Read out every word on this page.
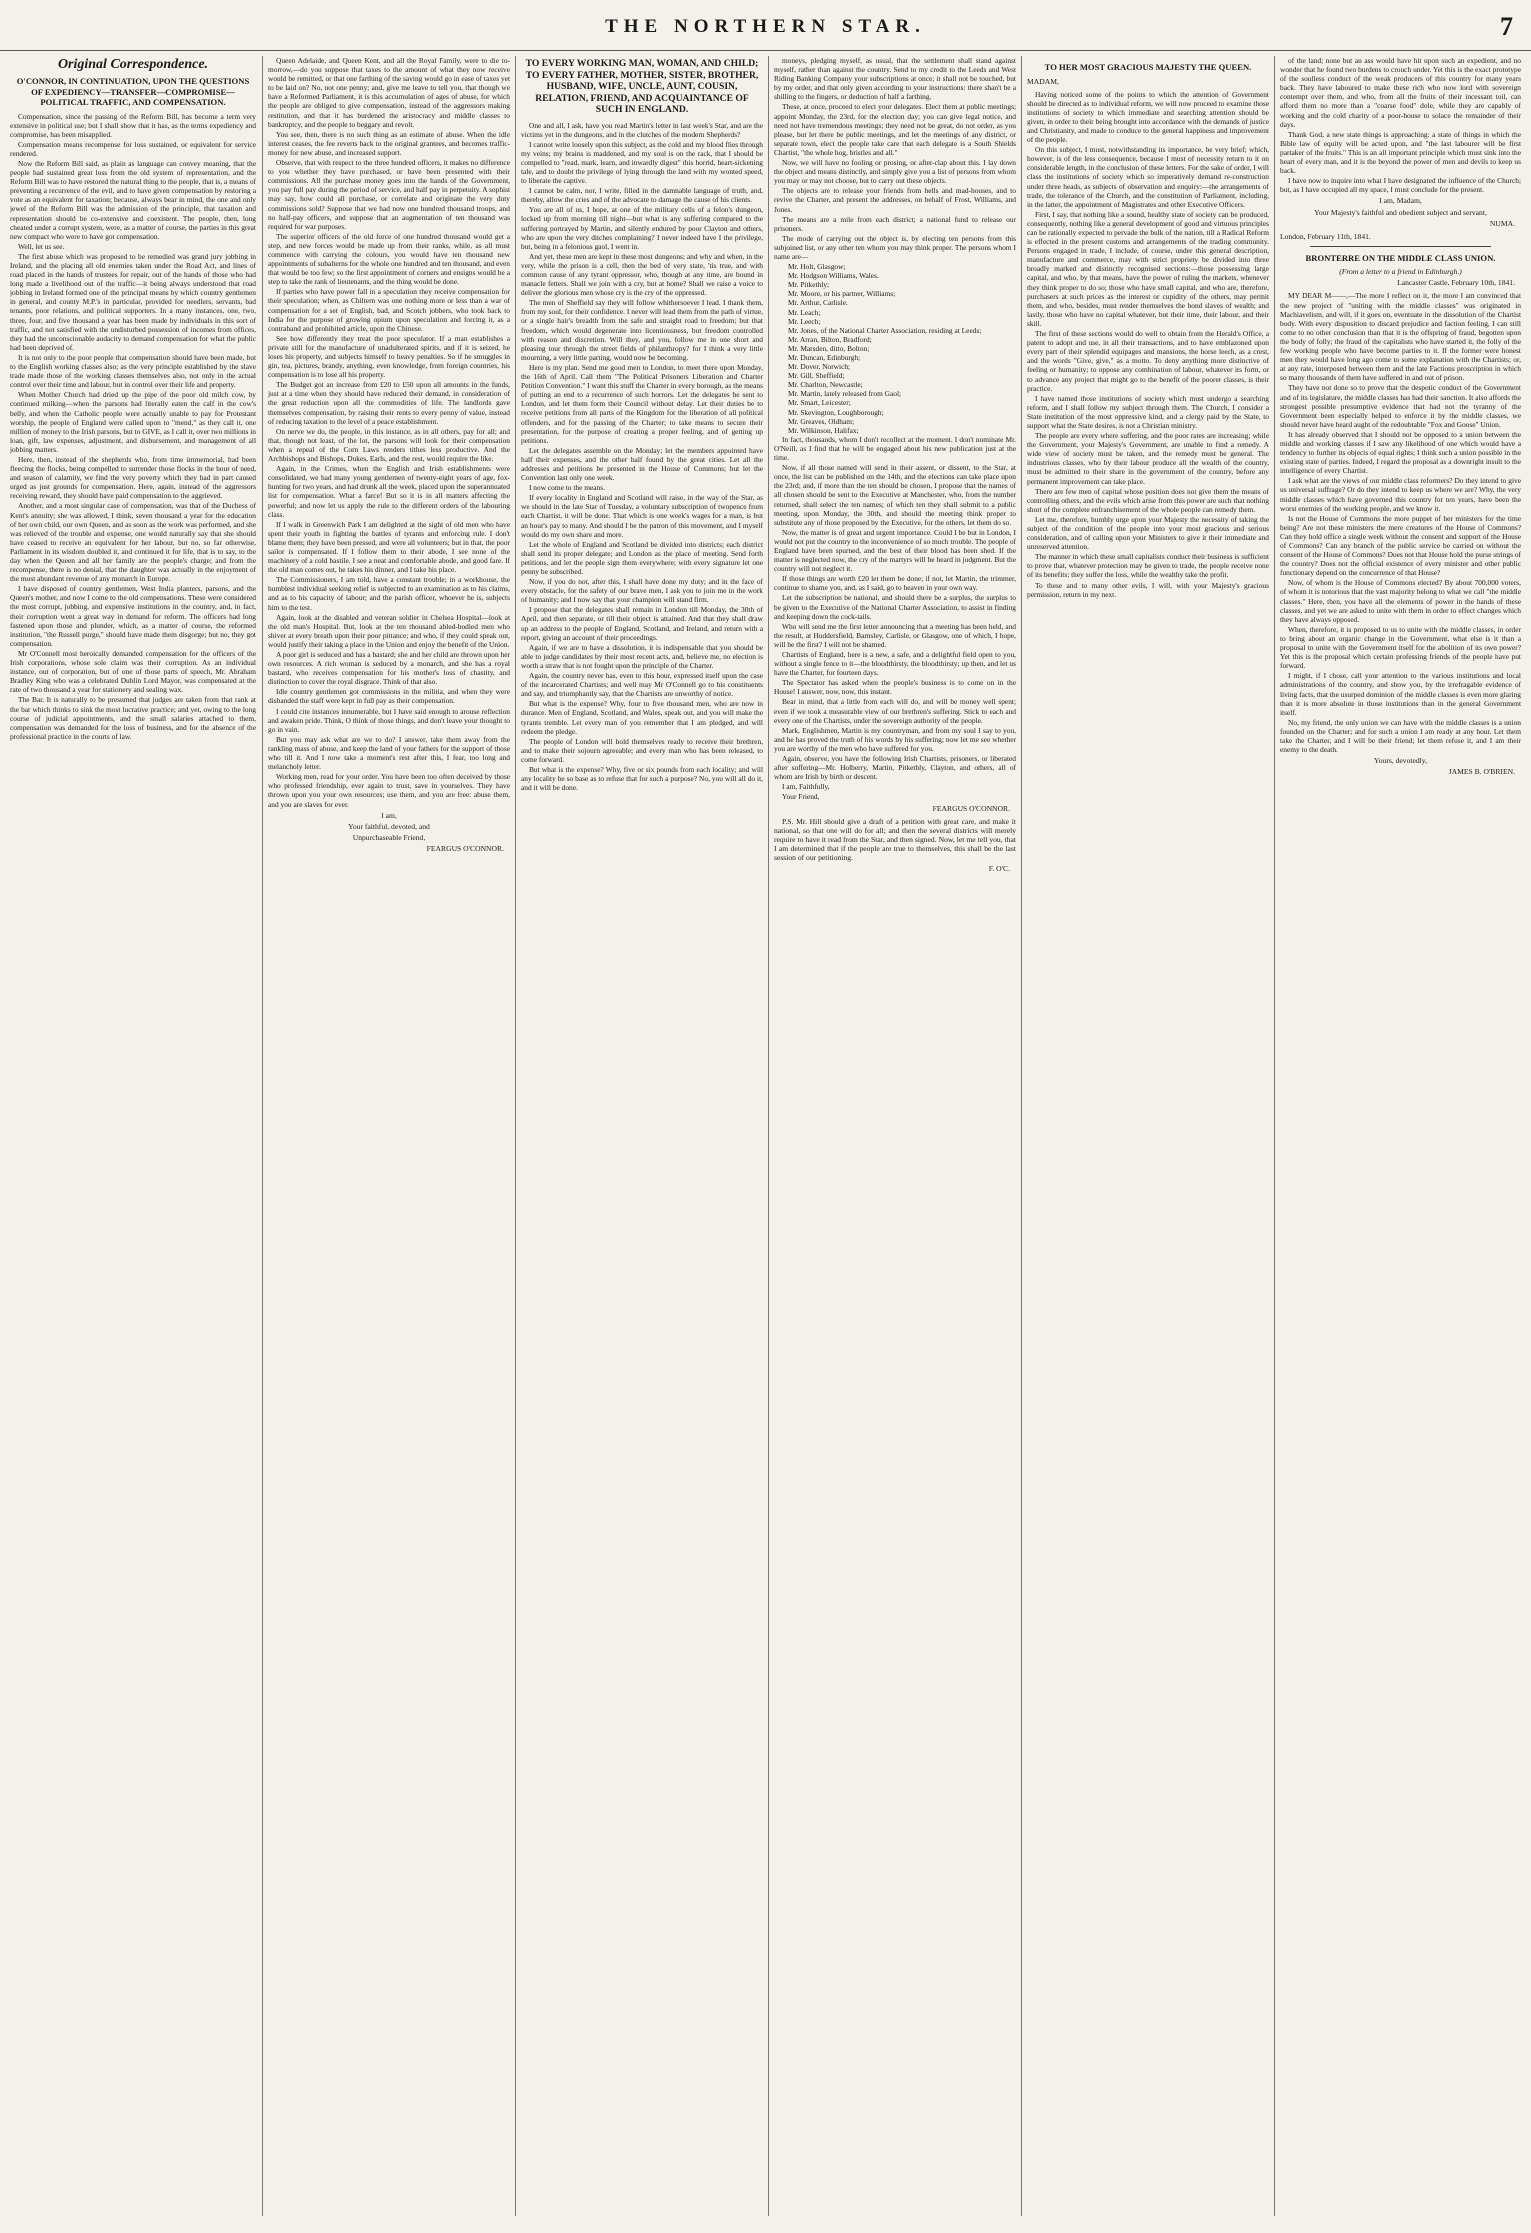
THE NORTHERN STAR.	7
Original Correspondence.
O'CONNOR, IN CONTINUATION, UPON THE QUESTIONS OF EXPEDIENCY—TRANSFER—COMPROMISE—POLITICAL TRAFFIC, AND COMPENSATION.

Compensation, since the passing of the Reform Bill, has become a term very extensive in political use; but I shall show that it has, as the terms expediency and compromise, has been misapplied.

Compensation means recompense for loss sustained, or equivalent for service rendered.

Now the Reform Bill said, as plain as language can convey meaning, that the people had sustained great loss from the old system of representation, and the Reform Bill was to have restored the natural thing to the people, that is, a means of preventing a recurrence of the evil, and to have given compensation by restoring a vote as an equivalent for taxation; because, always bear in mind, the one and only jewel of the Reform Bill was the admission of the principle, that taxation and representation should be co-extensive and coexistent. The people, then, long cheated under a corrupt system, were, as a matter of course, the parties in this great new compact who were to have got compensation.

Well, let us see.

The first abuse which was proposed to be remedied was grand jury jobbing in Ireland, and the placing all old enemies taken under the Road Act, and lines of road placed in the hands of trustees for repair, out of the hands of those who had long made a livelihood out of the traffic—it being always understood that road jobbing in Ireland formed one of the principal means by which country gentlemen in general, and county M.P.'s in particular, provided for needlers, servants, bad tenants, poor relations, and political supporters. In a many instances, one, two, three, four, and five thousand a year has been made by individuals in this sort of traffic, and not satisfied with the undisturbed possession of incomes from offices, they had the unconscionable audacity to demand compensation for what the public had been deprived of.

It is not only to the poor people that compensation should have been made, but to the English working classes also; as the very principle established by the slave trade made those of the working classes themselves also, not only in the actual control over their time and labour, but in control over their life and property.

When Mother Church had dried up the pipe of the poor old milch cow, by continued milking—when the parsons had literally eaten the calf in the cow's belly, and when the Catholic people were actually unable to pay for Protestant worship, the people of England were called upon to "mend," as they call it, one million of money to the Irish parsons, but to GIVE, as I call it, over two millions in loan, gift, law expenses, adjustment, and disbursement, and management of all jobbing matters.

Here, then, instead of the shepherds who, from time immemorial, had been fleecing the flocks, being compelled to surrender those flocks in the hour of need, and season of calamity, we find the very poverty which they had in part caused urged as just grounds for compensation. Here, again, instead of the aggressors receiving reward, they should have paid compensation to the aggrieved.

Another, and a most singular case of compensation, was that of the Duchess of Kent's annuity; she was allowed, I think, seven thousand a year for the education of her own child, our own Queen, and as soon as the work was performed, and she was relieved of the trouble and expense, one would naturally say that she should have ceased to receive an equivalent for her labour, but no, so far otherwise, Parliament in its wisdom doubled it, and continued it for life, that is to say, to the day when the Queen and all her family are the people's charge; and from the recompense, there is no denial, that the daughter was actually in the enjoyment of the most abundant revenue of any monarch in Europe.

I have disposed of country gentlemen, West India planters, parsons, and the Queen's mother, and now I come to the old compensations. These were considered the most corrupt, jobbing, and expensive institutions in the country, and, in fact, their corruption went a great way in demand for reform. The officers had long fastened upon those and plunder, which, as a matter of course, the reformed institution, "the Russell purge," should have made them disgorge; but no, they got compensation.

Mr O'Connell most heroically demanded compensation for the officers of the Irish corporations, whose sole claim was their corruption. As an individual instance, out of corporation, but of one of those parts of speech, Mr. Abraham Bradley King who was a celebrated Dublin Lord Mayor, was compensated at the rate of two thousand a year for stationery and sealing wax.

The Bar. It is naturally to be presumed that judges are taken from that rank at the bar which thinks to sink the most lucrative practice; and yet, owing to the long course of judicial appointments, and the small salaries attached to them, compensation was demanded for the loss of business, and for the absence of the professional practice in the courts of law.

Queen Adelaide, and Queen Kent, and all the Royal Family, were to die to-morrow,—do you suppose that taxes to the amount of what they now receive would be remitted, or that one farthing of the saving would go in ease of taxes yet to be laid on? No, not one penny; and, give me leave to tell you, that though we have a Reformed Parliament, it is this accumulation of ages of abuse, for which the people are obliged to give compensation, instead of the aggressors making restitution, and that it has burdened the aristocracy and middle classes to bankruptcy, and the people to beggary and revolt.

You see, then, there is no such thing as an estimate of abuse. When the idle interest ceases, the fee reverts back to the original grantees, and becomes traffic-money for new abuse, and increased support.

Observe, that with respect to the three hundred officers, it makes no difference to you whether they have purchased, or have been presented with their commissions. All the purchase money goes into the hands of the Government, you pay full pay during the period of service, and half pay in perpetuity. A sophist may say, how could all purchase, or correlate and originate the very duty commissions sold? Suppose that we had now one hundred thousand troops, and no half-pay officers, and suppose that an augmentation of ten thousand was required for war purposes.

The superior officers of the old force of one hundred thousand would get a step, and new forces would be made up from their ranks, while, as all must commence with carrying the colours, you would have ten thousand new appointments of subalterns for the whole one hundred and ten thousand, and even that would be too few; so the first appointment of corners and ensigns would be a step to take the rank of lieutenants, and the thing would be done.

If parties who have power fall in a speculation they receive compensation for their speculation; when, as Chiltern was one nothing more or less than a war of compensation for a set of English, bad, and Scotch jobbers, who took back to India for the purpose of growing opium upon speculation and forcing it, as a contraband and prohibited article, upon the Chinese.

See how differently they treat the poor speculator. If a man establishes a private still for the manufacture of unadulterated spirits, and if it is seized, he loses his property, and subjects himself to heavy penalties. So if he smuggles in gin, tea, pictures, brandy, anything, even knowledge, from foreign countries, his compensation is to lose all his property.

The Budget got an increase from £20 to £50 upon all amounts in the funds, just at a time when they should have reduced their demand, in consideration of the great reduction upon all the commodities of life. The landlords gave themselves compensation, by raising their rents to every penny of value, instead of reducing taxation to the level of a peace establishment.

On nerve we do, the people, in this instance, as in all others, pay for all; and that, though not least, of the lot, the parsons will look for their compensation when a repeal of the Corn Laws renders tithes less productive. And the Archbishops and Bishops, Dukes, Earls, and the rest, would require the like.

Again, in the Crimes, when the English and Irish establishments were consolidated, we had many young gentlemen of twenty-eight years of age, fox-hunting for two years, and had drunk all the week, placed upon the superannuated list for compensation. What a farce! But so it is in all matters affecting the powerful; and now let us apply the rule to the different orders of the labouring class.

If I walk in Greenwich Park I am delighted at the sight of old men who have spent their youth in fighting the battles of tyrants and enforcing rule. I don't blame them; they have been pressed, and were all volunteers; but in that, the poor sailor is compensated. If I follow them to their abode, I see none of the machinery of a cold bastile. I see a neat and comfortable abode, and good fare. If the old man comes out, he takes his dinner, and I take his place.

The Commissioners, I am told, have a constant trouble; in a workhouse, the humblest individual seeking relief is subjected to an examination as to his claims, and as to his capacity of labour; and the parish officer, whoever he is, subjects him to the test.

Again, look at the disabled and veteran soldier in Chelsea Hospital—look at the old man's Hospital. But, look at the ten thousand abled-bodied men who shiver at every breath upon their poor pittance; and who, if they could speak out, would justify their taking a place in the Union and enjoy the benefit of the Union.

A poor girl is seduced and has a bastard; she and her child are thrown upon her own resources. A rich woman is seduced by a monarch, and she has a royal bastard, who receives compensation for his mother's loss of chastity, and distinction to cover the royal disgrace. Think of that also.

Idle country gentlemen got commissions in the militia, and when they were disbanded the staff were kept in full pay as their compensation.

I could cite instances innumerable, but I have said enough to arouse reflection and awaken pride. Think, O think of those things, and don't leave your thought to go in vain.

But you may ask what are we to do? I answer, take them away from the rankling mass of abuse, and keep the land of your fathers for the support of those who till it. And I now take a moment's rest after this, I fear, too long and melancholy letter.

Working men, read for your order. You have been too often deceived by those who professed friendship, ever again to trust, save in yourselves. They have thrown upon you your own resources; use them, and you are free: abuse them, and you are slaves for ever.

I am,
Your faithful, devoted, and
Unpurchaseable Friend,
FEARGUS O'CONNOR.
TO EVERY WORKING MAN, WOMAN, AND CHILD; TO EVERY FATHER, MOTHER, SISTER, BROTHER, HUSBAND, WIFE, UNCLE, AUNT, COUSIN, RELATION, FRIEND, AND ACQUAINTANCE OF SUCH IN ENGLAND.

One and all, I ask, have you read Martin's letter in last week's Star, and are the victims yet in the dungeons, and in the clutches of the modern Shepherds?

I cannot write loosely upon this subject, as the cold and my blood flies through my veins; my brains is maddened, and my soul is on the rack, that I should be compelled to "read, mark, learn, and inwardly digest" this horrid, heart-sickening tale, and to doubt the privilege of lying through the land with my wonted speed, to liberate the captive.

I cannot be calm, nor, I write, filled in the damnable language of truth, and, thereby, allow the cries and of the advocate to damage the cause of his clients.

You are all of us, I hope, at one of the military cells of a felon's dungeon, locked up from morning till night—but what is any suffering compared to the suffering portrayed by Martin, and silently endured by poor Clayton and others, who are upon the very ditches complaining? I never indeed have I the privilege, but, being in a felonious gaol, I went in.

And yet, these men are kept in these most dungeons; and why and when, in the very, while the prison is a cell, then the bed of very state, 'tis true, and with common cause of any tyrant oppressor, who, though at any time, are bound in manacle fetters. Shall we join with a cry, but at home? Shall we raise a voice to deliver the glorious men whose cry is the cry of the oppressed.

The men of Sheffield say they will follow whithersoever I lead. I thank them, from my soul, for their confidence. I never will lead them from the path of virtue, or a single hair's breadth from the safe and straight road to freedom; but that freedom, which would degenerate into licentiousness, but freedom controlled with reason and discretion. Will they, and you, follow me in one short and pleasing tour through the street fields of philanthropy? for I think a very little mourning, a very little parting, would now be becoming.

Here is my plan. Send me good men to London, to meet there upon Monday, the 16th of April. Call them "The Political Prisoners Liberation and Charter Petition Convention." I want this stuff the Charter in every borough, as the means of putting an end to a recurrence of such horrors. Let the delegates be sent to London, and let them form their Council without delay. Let their duties be to receive petitions from all parts of the Kingdom for the liberation of all political offenders, and for the passing of the Charter; to take means to secure their presentation, for the purpose of creating a proper feeling, and of getting up petitions.

Let the delegates assemble on the Monday; let the members appointed have half their expenses, and the other half found by the great cities. Let all the addresses and petitions be presented in the House of Commons; but let the Convention last only one week.

I now come to the means.

If every locality in England and Scotland will raise, in the way of the Star, as we should in the late Star of Tuesday, a voluntary subscription of twopence from each Chartist, it will be done. That which is one week's wages for a man, is but an hour's pay to many. And should I be the patron of this movement, and I myself would do my own share and more.

Let the whole of England and Scotland be divided into districts; each district shall send its proper delegate; and London as the place of meeting. Send forth petitions, and let the people sign them everywhere; with every signature let one penny be subscribed.

Now, if you do not, after this, I shall have done my duty; and in the face of every obstacle, for the safety of our brave men, I ask you to join me in the work of humanity; and I now say that your champion will stand firm.

I propose that the delegates shall remain in London till Monday, the 30th of April, and then separate, or till their object is attained. And that they shall draw up an address to the people of England, Scotland, and Ireland, and return with a report, giving an account of their proceedings.

Again, if we are to have a dissolution, it is indispensable that you should be able to judge candidates by their most recent acts, and, believe me, no election is worth a straw that is not fought upon the principle of the Charter.

Again, the country never has, even to this hour, expressed itself upon the case of the incarcerated Chartists; and well may Mr O'Connell go to his constituents and say, and triumphantly say, that the Chartists are unworthy of notice.

But what is the expense? Why, four to five thousand men, who are now in durance. Men of England, Scotland, and Wales, speak out, and you will make the tyrants tremble. Let every man of you remember that I am pledged, and will redeem the pledge.

The people of London will hold themselves ready to receive their brethren, and to make their sojourn agreeable; and every man who has been released, to come forward.

But what is the expense? Why, five or six pounds from each locality; and will any locality be so base as to refuse that for such a purpose? No, you will all do it, and it will be done.

moneys, pledging myself, as usual, that the settlement shall stand against myself, rather than against the country. Send to my credit to the Leeds and West Riding Banking Company your subscriptions at once; it shall not be touched, but by my order, and that only given according to your instructions: there shan't be a shilling to the fingers, or deduction of half a farthing.

These, at once, proceed to elect your delegates. Elect them at public meetings; appoint Monday, the 23rd, for the election day; you can give legal notice, and need not have tremendous meetings; they need not be great, do not order, as you please, but let there be public meetings, and let the meetings of any district, or separate town, elect the people take care that each delegate is a South Shields Chartist, "the whole hog, bristles and all."

Now, we will have no fooling or prosing, or after-clap about this. I lay down the object and means distinctly, and simply give you a list of persons from whom you may or may not choose, but to carry out these objects.

The objects are to release your friends from hells and mad-houses, and to revive the Charter, and present the addresses, on behalf of Frost, Williams, and Jones.

The means are a mile from each district; a national fund to release our prisoners.

The mode of carrying out the object is, by electing ten persons from this subjoined list, or any other ten whom you may think proper. The persons whom I name are—

Mr. Holt, Glasgow;

Mr. Hodgson Williams, Wales.

Mr. Pitkethly;

Mr. Moore, or his partner, Williams;

Mr. Arthur, Carlisle.

Mr. Leach;

Mr. Leech;

Mr. Jones, of the National Charter Association, residing at Leeds;

Mr. Arran, Bilton, Bradford;

Mr. Marsden, ditto, Bolton;

Mr. Duncan, Edinburgh;

Mr. Dover, Norwich;

Mr. Gill, Sheffield;

Mr. Charlton, Newcastle;

Mr. Martin, lately released from Gaol;

Mr. Smart, Leicester;

Mr. Skevington, Loughborough;

Mr. Greaves, Oldham;

Mr. Wilkinson, Halifax;

In fact, thousands, whom I don't recollect at the moment. I don't nominate Mr. O'Neill, as I find that he will be engaged about his new publication just at the time.

Now, if all those named will send in their assent, or dissent, to the Star, at once, the list can be published on the 14th, and the elections can take place upon the 23rd; and, if more than the ten should be chosen, I propose that the names of all chosen should be sent to the Executive at Manchester, who, from the number returned, shall select the ten names; of which ten they shall submit to a public meeting, upon Monday, the 30th, and should the meeting think proper to substitute any of those proposed by the Executive, for the others, let them do so.

Now, the matter is of great and urgent importance. Could I be but in London, I would not put the country to the inconvenience of so much trouble. The people of England have been spurned, and the best of their blood has been shed. If the matter is neglected now, the cry of the martyrs will be heard in judgment. But the country will not neglect it.

If those things are worth £20 let them be done; if not, let Martin, the trimmer, continue to shame you, and, as I said, go to heaven in your own way.

Let the subscription be national, and should there be a surplus, the surplus to be given to the Executive of the National Charter Association, to assist in finding and keeping down the cock-tails.

Who will send me the first letter announcing that a meeting has been held, and the result, at Huddersfield, Barnsley, Carlisle, or Glasgow, one of which, I hope, will be the first? I will not be shamed.

Chartists of England, here is a new, a safe, and a delightful field open to you, without a single fence to it—the bloodthirsty, the bloodthirsty; up then, and let us have the Charter, for fourteen days.

The Spectator has asked when the people's business is to come on in the House! I answer, now, now, this instant.

Bear in mind, that a little from each will do, and will be money well spent; even if we took a measurable view of our brethren's suffering. Stick to each and every one of the Chartists, under the sovereign authority of the people.

Mark, Englishmen, Martin is my countryman, and from my soul I say to you, and he has proved the truth of his words by his suffering; now let me see whether you are worthy of the men who have suffered for you.

Again, observe, you have the following Irish Chartists, prisoners, or liberated after suffering—Mr. Holberry, Martin, Pitkethly, Clayton, and others, all of whom are Irish by birth or descent.

I am, Faithfully,

Your Friend,

FEARGUS O'CONNOR.

P.S. Mr. Hill should give a draft of a petition with great care, and make it national, so that one will do for all; and then the several districts will merely require to have it read from the Star, and then signed. Now, let me tell you, that I am determined that if the people are true to themselves, this shall be the last session of our petitioning.

F. O'C.
TO HER MOST GRACIOUS MAJESTY THE QUEEN.
MADAM,

Having noticed some of the points to which the attention of Government should be directed as to individual reform, we will now proceed to examine those institutions of society to which immediate and searching attention should be given, in order to their being brought into accordance with the demands of justice and Christianity, and made to conduce to the general happiness and improvement of the people.

On this subject, I must, notwithstanding its importance, be very brief; which, however, is of the less consequence, because I must of necessity return to it on considerable length, in the conclusion of these letters. For the sake of order, I will class the institutions of society which so imperatively demand re-construction under three heads, as subjects of observation and enquiry:—the arrangements of trade, the tolerance of the Church, and the constitution of Parliament, including, in the latter, the appointment of Magistrates and other Executive Officers.

First, I say, that nothing like a sound, healthy state of society can be produced, consequently, nothing like a general development of good and virtuous principles can be rationally expected to pervade the bulk of the nation, till a Radical Reform is effected in the present customs and arrangements of the trading community. Persons engaged in trade, I include, of course, under this general description, manufacture and commerce, may with strict propriety be divided into three broadly marked and distinctly recognised sections:—those possessing large capital, and who, by that means, have the power of ruling the markets, whenever they think proper to do so; those who have small capital, and who are, therefore, purchasers at such prices as the interest or cupidity of the others, may permit them, and who, besides, must render themselves the bond slaves of wealth; and lastly, those who have no capital whatever, but their time, their labour, and their skill.

The first of these sections would do well to obtain from the Herald's Office, a patent to adopt and use, in all their transactions, and to have emblazoned upon every part of their splendid equipages and mansions, the horse leech, as a crest, and the words "Give, give," as a motto. To deny anything more distinctive of feeling or humanity; to oppose any combination of labour, whatever its form, or to advance any project that might go to the benefit of the poorer classes, is their practice.

I have named those institutions of society which must undergo a searching reform, and I shall follow my subject through them. The Church, I consider a State institution of the most oppressive kind, and a clergy paid by the State, to support what the State desires, is not a Christian ministry.

The people are every where suffering, and the poor rates are increasing; while the Government, your Majesty's Government, are unable to find a remedy. A wide view of society must be taken, and the remedy must be general. The industrious classes, who by their labour produce all the wealth of the country, must be admitted to their share in the government of the country, before any permanent improvement can take place.

There are few men of capital whose position does not give them the means of controlling others, and the evils which arise from this power are such that nothing short of the complete enfranchisement of the whole people can remedy them.

Let me, therefore, humbly urge upon your Majesty the necessity of taking the subject of the condition of the people into your most gracious and serious consideration, and of calling upon your Ministers to give it their immediate and unreserved attention.

The manner in which these small capitalists conduct their business is sufficient to prove that, whatever protection may be given to trade, the people receive none of its benefits; they suffer the loss, while the wealthy take the profit.

To these and to many other evils, I will, with your Majesty's gracious permission, return in my next.

of the land; none but an ass would have hit upon such an expedient, and no wonder that he found two burdens to crouch under. Yet this is the exact prototype of the soulless conduct of the weak producers of this country for many years back. They have laboured to make these rich who now lord with sovereign contempt over them, and who, from all the fruits of their incessant toil, can afford them no more than a "coarse food" dole, while they are capably of working and the cold charity of a poor-house to solace the remainder of their days.

Thank God, a new state things is approaching: a state of things in which the Bible law of equity will be acted upon, and "the last labourer will be first partaker of the fruits." This is an all important principle which must sink into the heart of every man, and it is the beyond the power of men and devils to keep us back.

I have now to inquire into what I have designated the influence of the Church; but, as I have occupied all my space, I must conclude for the present.

I am, Madam,
Your Majesty's faithful and obedient subject and servant,
NUMA.
London, February 11th, 1841.
BRONTERRE ON THE MIDDLE CLASS UNION.
(From a letter to a friend in Edinburgh.)
Lancaster Castle, February 10th, 1841.

MY DEAR M——,—The more I reflect on it, the more I am convinced that the new project of "uniting with the middle classes" was originated in Machiavelism, and will, if it goes on, eventuate in the dissolution of the Chartist body. With every disposition to discard prejudice and faction feeling, I can still come to no other conclusion than that it is the offspring of fraud, begotten upon the body of folly; the fraud of the capitalists who have started it, the folly of the few working people who have become parties to it. If the former were honest men they would have long ago come to some explanation with the Chartists; or, at any rate, interposed between them and the late Factions proscription in which so many thousands of them have suffered in and out of prison.

They have not done so to prove that the despotic conduct of the Government and of its legislature, the middle classes has had their sanction. It also affords the strongest possible presumptive evidence that had not the tyranny of the Government been especially helped to enforce it by the middle classes, we should never have heard aught of the redoubtable "Fox and Goose" Union.

It has already observed that I should not be opposed to a union between the middle and working classes if I saw any likelihood of one which would have a tendency to further its objects of equal rights; I think such a union possible in the existing state of parties. Indeed, I regard the proposal as a downright insult to the intelligence of every Chartist.

I ask what are the views of our middle class reformers? Do they intend to give us universal suffrage? Or do they intend to keep us where we are? Why, the very middle classes which have governed this country for ten years, have been the worst enemies of the working people, and we know it.

Is not the House of Commons the more puppet of her ministers for the time being? Are not these ministers the mere creatures of the House of Commons? Can they hold office a single week without the consent and support of the House of Commons? Can any branch of the public service be carried on without the consent of the House of Commons? Does not that House hold the purse strings of the country? Does not the official existence of every minister and other public functionary depend on the concurrence of that House?

Now, of whom is the House of Commons elected? By about 700,000 voters, of whom it is notorious that the vast majority belong to what we call "the middle classes." Here, then, you have all the elements of power in the hands of these classes, and yet we are asked to unite with them in order to effect changes which they have always opposed.

When, therefore, it is proposed to us to unite with the middle classes, in order to bring about an organic change in the Government, what else is it than a proposal to unite with the Government itself for the abolition of its own power? Yet this is the proposal which certain professing friends of the people have put forward.

I might, if I chose, call your attention to the various institutions and local administrations of the country, and show you, by the irrefragable evidence of living facts, that the usurped dominion of the middle classes is even more glaring than it is more absolute in those institutions than in the general Government itself.

No, my friend, the only union we can have with the middle classes is a union founded on the Charter; and for such a union I am ready at any hour. Let them take the Charter, and I will be their friend; let them refuse it, and I am their enemy to the death.

Yours, devotedly,
JAMES B. O'BRIEN.
